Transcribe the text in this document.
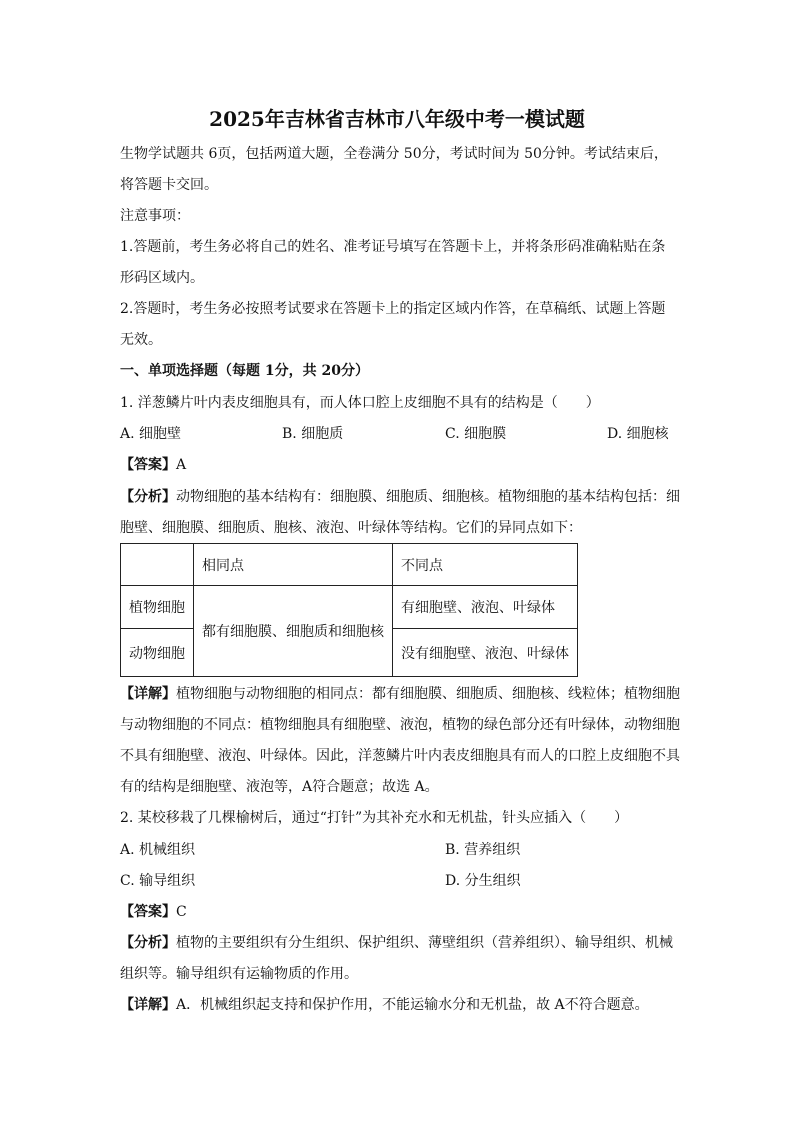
2025年吉林省吉林市八年级中考一模试题
生物学试题共 6页，包括两道大题，全卷满分 50分，考试时间为 50分钟。考试结束后，
将答题卡交回。
注意事项：
1.答题前，考生务必将自己的姓名、准考证号填写在答题卡上，并将条形码准确粘贴在条
形码区域内。
2.答题时，考生务必按照考试要求在答题卡上的指定区域内作答，在草稿纸、试题上答题
无效。
一、单项选择题（每题 1分，共 20分）
1. 洋葱鳞片叶内表皮细胞具有，而人体口腔上皮细胞不具有的结构是（　　）
A. 细胞壁	B. 细胞质	C. 细胞膜	D. 细胞核
【答案】A
【分析】动物细胞的基本结构有：细胞膜、细胞质、细胞核。植物细胞的基本结构包括：细
胞壁、细胞膜、细胞质、胞核、液泡、叶绿体等结构。它们的异同点如下：
	相同点	不同点
植物细胞	都有细胞膜、细胞质和细胞核	有细胞壁、液泡、叶绿体
动物细胞		没有细胞壁、液泡、叶绿体
【详解】植物细胞与动物细胞的相同点：都有细胞膜、细胞质、细胞核、线粒体；植物细胞
与动物细胞的不同点：植物细胞具有细胞壁、液泡，植物的绿色部分还有叶绿体，动物细胞
不具有细胞壁、液泡、叶绿体。因此，洋葱鳞片叶内表皮细胞具有而人的口腔上皮细胞不具
有的结构是细胞壁、液泡等，A符合题意；故选 A。
2. 某校移栽了几棵榆树后，通过“打针”为其补充水和无机盐，针头应插入（　　）
A. 机械组织	B. 营养组织
C. 输导组织	D. 分生组织
【答案】C
【分析】植物的主要组织有分生组织、保护组织、薄壁组织（营养组织）、输导组织、机械
组织等。输导组织有运输物质的作用。
【详解】A．机械组织起支持和保护作用，不能运输水分和无机盐，故 A不符合题意。
